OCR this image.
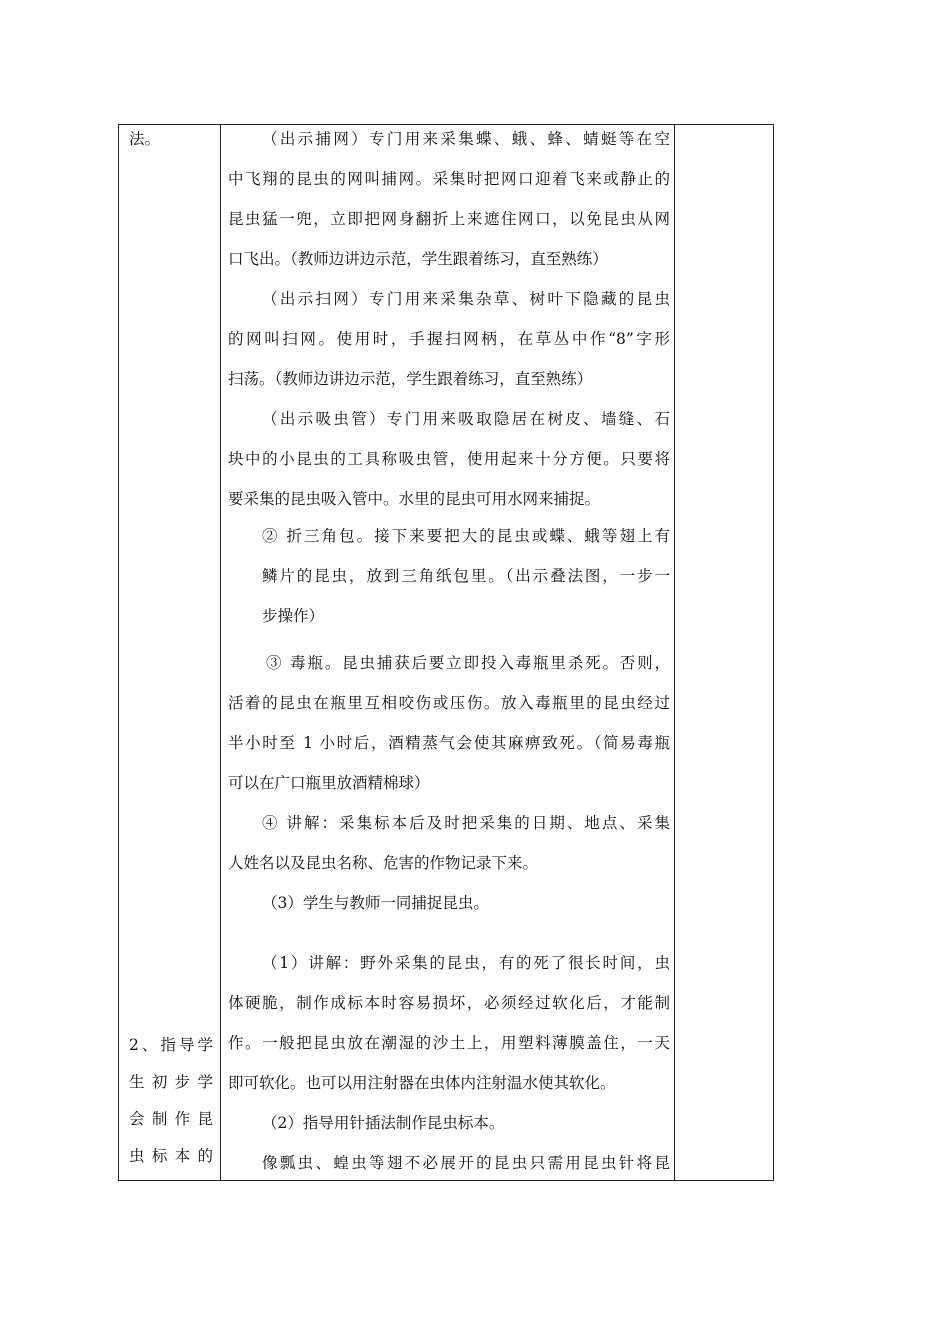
法。
2、指导学
生初步学
会制作昆
虫标本的
（出示捕网）专门用来采集蝶、蛾、蜂、蜻蜓等在空
中飞翔的昆虫的网叫捕网。采集时把网口迎着飞来或静止的
昆虫猛一兜，立即把网身翻折上来遮住网口，以免昆虫从网
口飞出。（教师边讲边示范，学生跟着练习，直至熟练）
（出示扫网）专门用来采集杂草、树叶下隐藏的昆虫
的网叫扫网。使用时，手握扫网柄，在草丛中作“8”字形
扫荡。（教师边讲边示范，学生跟着练习，直至熟练）
（出示吸虫管）专门用来吸取隐居在树皮、墙缝、石
块中的小昆虫的工具称吸虫管，使用起来十分方便。只要将
要采集的昆虫吸入管中。水里的昆虫可用水网来捕捉。
② 折三角包。接下来要把大的昆虫或蝶、蛾等翅上有
鳞片的昆虫，放到三角纸包里。（出示叠法图，一步一
步操作）
③ 毒瓶。昆虫捕获后要立即投入毒瓶里杀死。否则，
活着的昆虫在瓶里互相咬伤或压伤。放入毒瓶里的昆虫经过
半小时至 1 小时后，酒精蒸气会使其麻痹致死。（简易毒瓶
可以在广口瓶里放酒精棉球）
④ 讲解：采集标本后及时把采集的日期、地点、采集
人姓名以及昆虫名称、危害的作物记录下来。
（3）学生与教师一同捕捉昆虫。
（1）讲解：野外采集的昆虫，有的死了很长时间，虫
体硬脆，制作成标本时容易损坏，必须经过软化后，才能制
作。一般把昆虫放在潮湿的沙土上，用塑料薄膜盖住，一天
即可软化。也可以用注射器在虫体内注射温水使其软化。
（2）指导用针插法制作昆虫标本。
像瓢虫、蝗虫等翅不必展开的昆虫只需用昆虫针将昆
